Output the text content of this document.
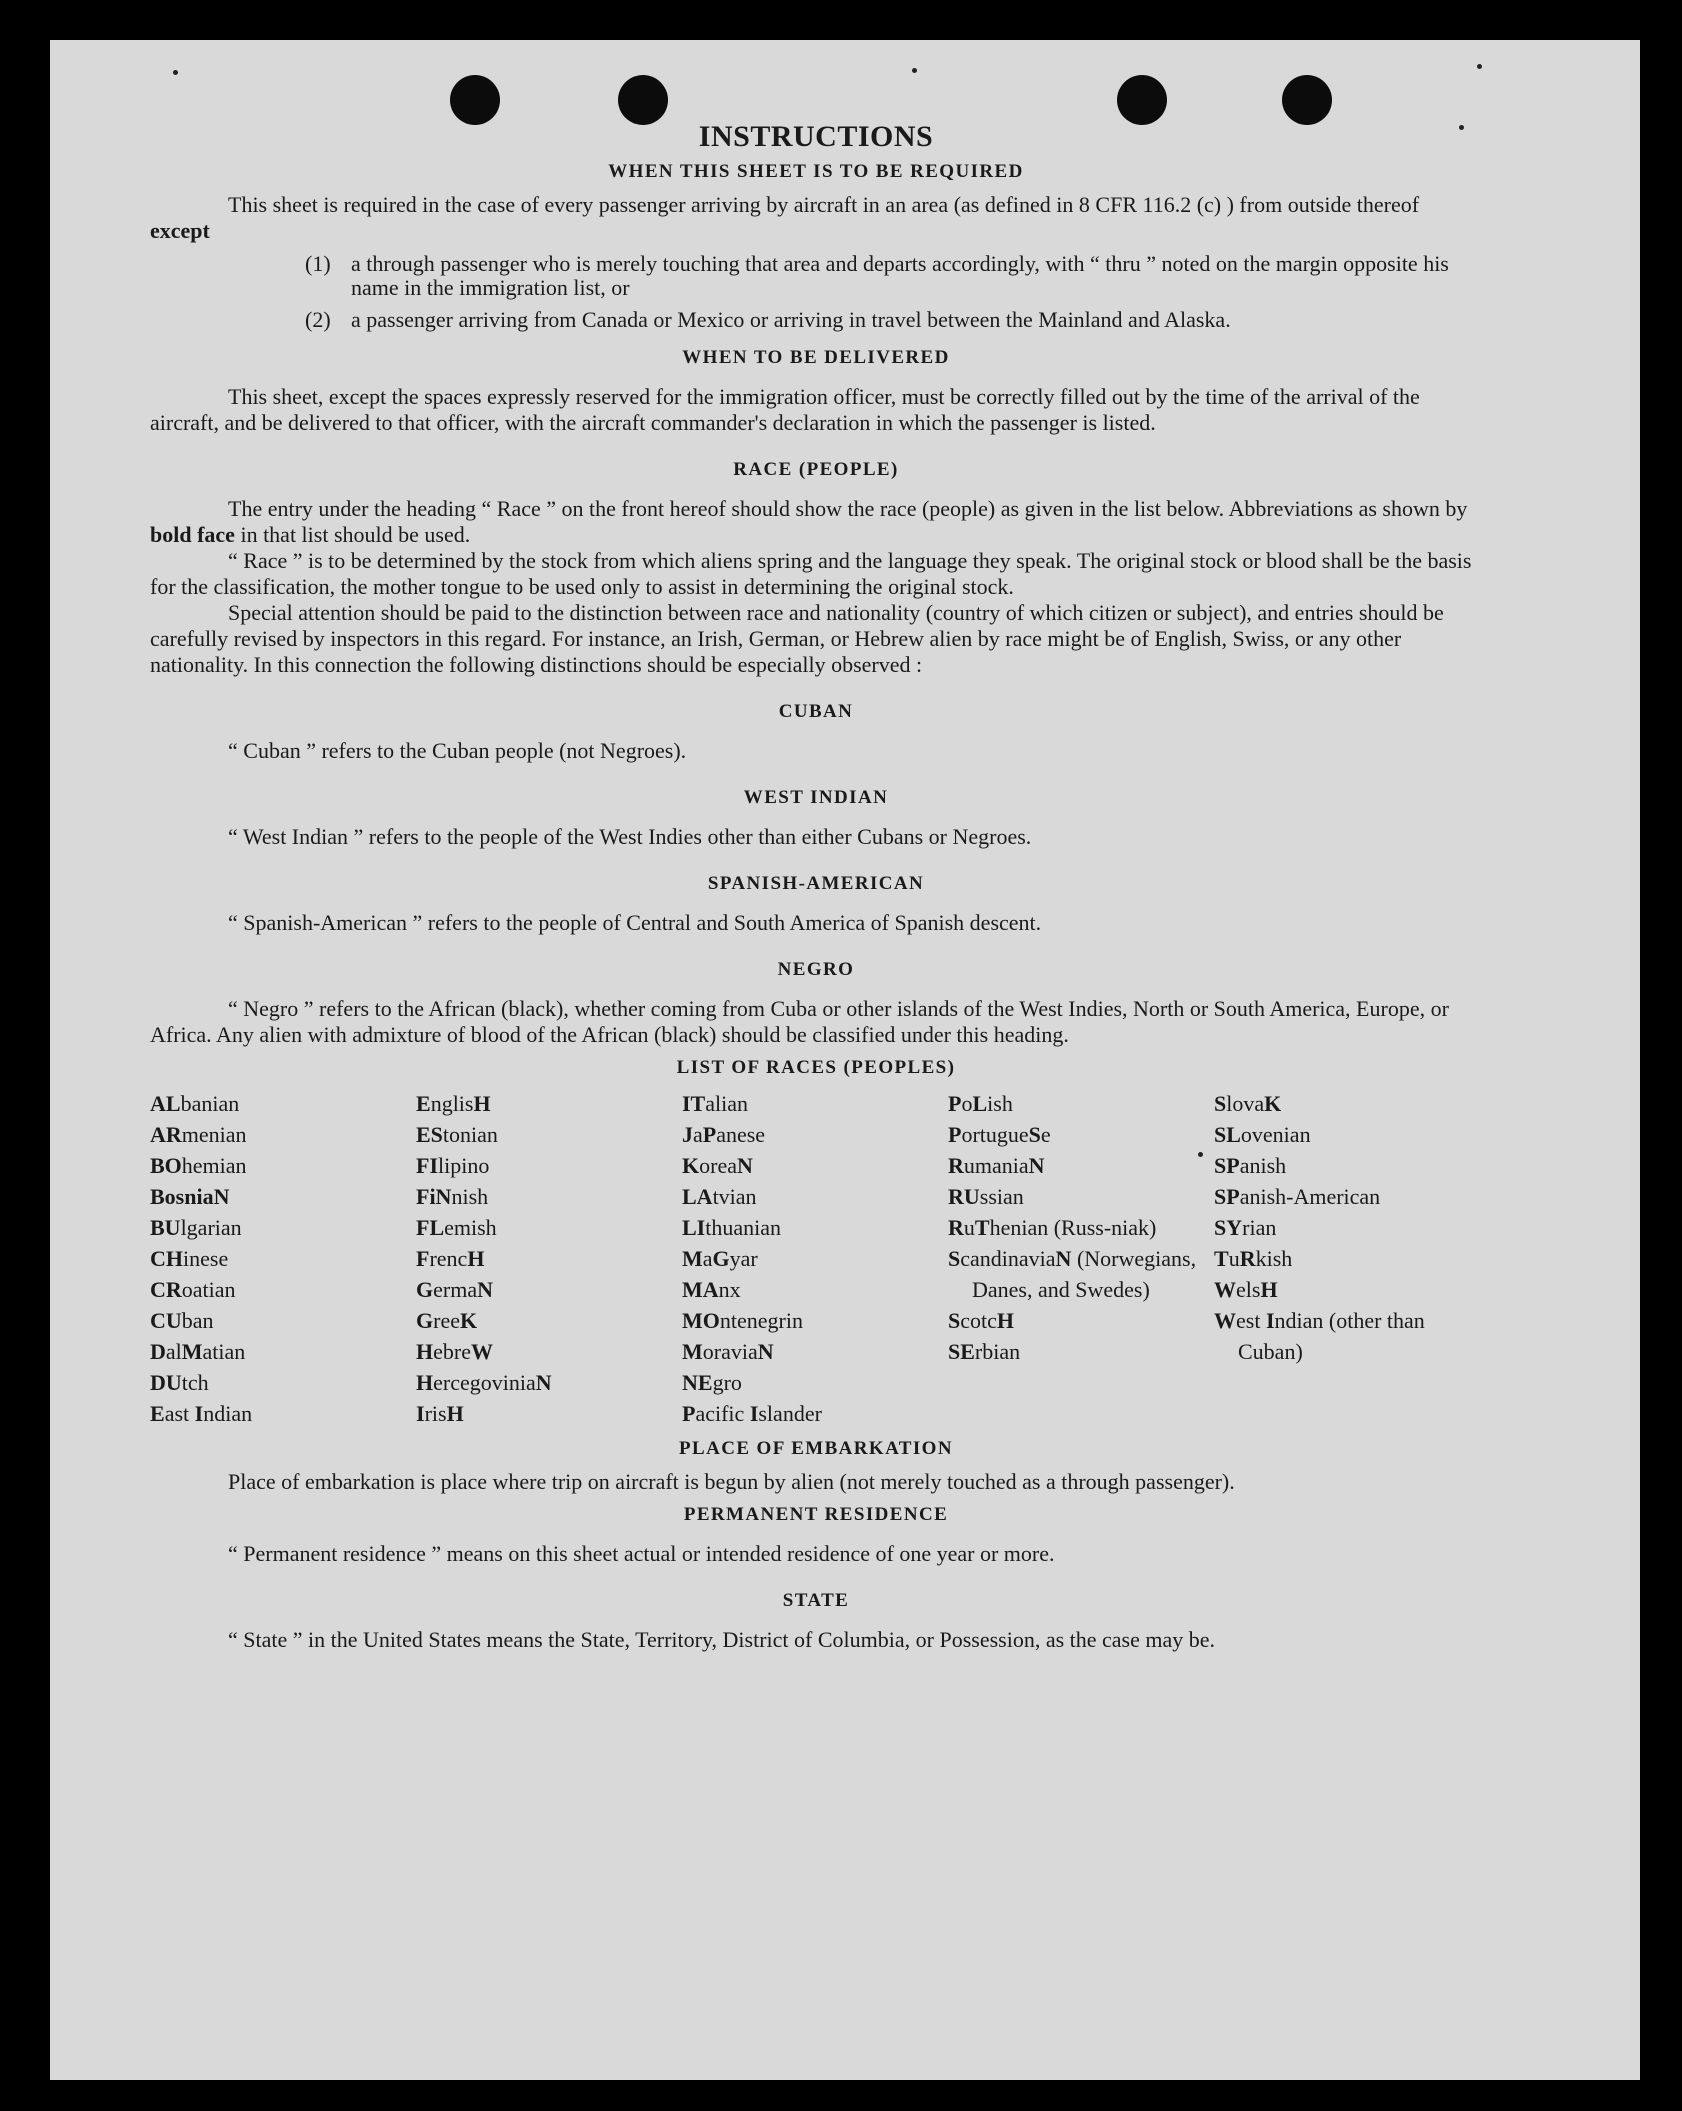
INSTRUCTIONS
WHEN THIS SHEET IS TO BE REQUIRED

This sheet is required in the case of every passenger arriving by aircraft in an area (as defined in 8 CFR 116.2 (c) ) from outside thereof except

(1) a through passenger who is merely touching that area and departs accordingly, with “ thru ” noted on the margin opposite his name in the immigration list, or
(2) a passenger arriving from Canada or Mexico or arriving in travel between the Mainland and Alaska.
WHEN TO BE DELIVERED

This sheet, except the spaces expressly reserved for the immigration officer, must be correctly filled out by the time of the arrival of the aircraft, and be delivered to that officer, with the aircraft commander's declaration in which the passenger is listed.

RACE (PEOPLE)

The entry under the heading “ Race ” on the front hereof should show the race (people) as given in the list below. Abbreviations as shown by bold face in that list should be used.

“ Race ” is to be determined by the stock from which aliens spring and the language they speak. The original stock or blood shall be the basis for the classification, the mother tongue to be used only to assist in determining the original stock.

Special attention should be paid to the distinction between race and nationality (country of which citizen or subject), and entries should be carefully revised by inspectors in this regard. For instance, an Irish, German, or Hebrew alien by race might be of English, Swiss, or any other nationality. In this connection the following distinctions should be especially observed :

CUBAN

“ Cuban ” refers to the Cuban people (not Negroes).

WEST INDIAN

“ West Indian ” refers to the people of the West Indies other than either Cubans or Negroes.

SPANISH-AMERICAN

“ Spanish-American ” refers to the people of Central and South America of Spanish descent.

NEGRO

“ Negro ” refers to the African (black), whether coming from Cuba or other islands of the West Indies, North or South America, Europe, or Africa. Any alien with admixture of blood of the African (black) should be classified under this heading.

LIST OF RACES (PEOPLES)
ALbanian
ARmenian
BOhemian
BosniaN
BUlgarian
CHinese
CRoatian
CUban
DalMatian
DUtch
East Indian
EnglisH
EStonian
FIlipino
FiNnish
FLemish
FrencH
GermaN
GreeK
HebreW
HercegoviniaN
IrisH
ITalian
JaPanese
KoreaN
LAtvian
LIthuanian
MaGyar
MAnx
MOntenegrin
MoraviaN
NEgro
Pacific Islander
PoLish
PortugueSe
RumaniaN
RUssian
RuThenian (Russ-niak)
ScandinaviaN (Norwegians, Danes, and Swedes)
ScotcH
SErbian
SlovaK
SLovenian
SPanish
SPanish-American
SYrian
TuRkish
WelsH
West Indian (other than Cuban)
PLACE OF EMBARKATION

Place of embarkation is place where trip on aircraft is begun by alien (not merely touched as a through passenger).

PERMANENT RESIDENCE

“ Permanent residence ” means on this sheet actual or intended residence of one year or more.

STATE

“ State ” in the United States means the State, Territory, District of Columbia, or Possession, as the case may be.
